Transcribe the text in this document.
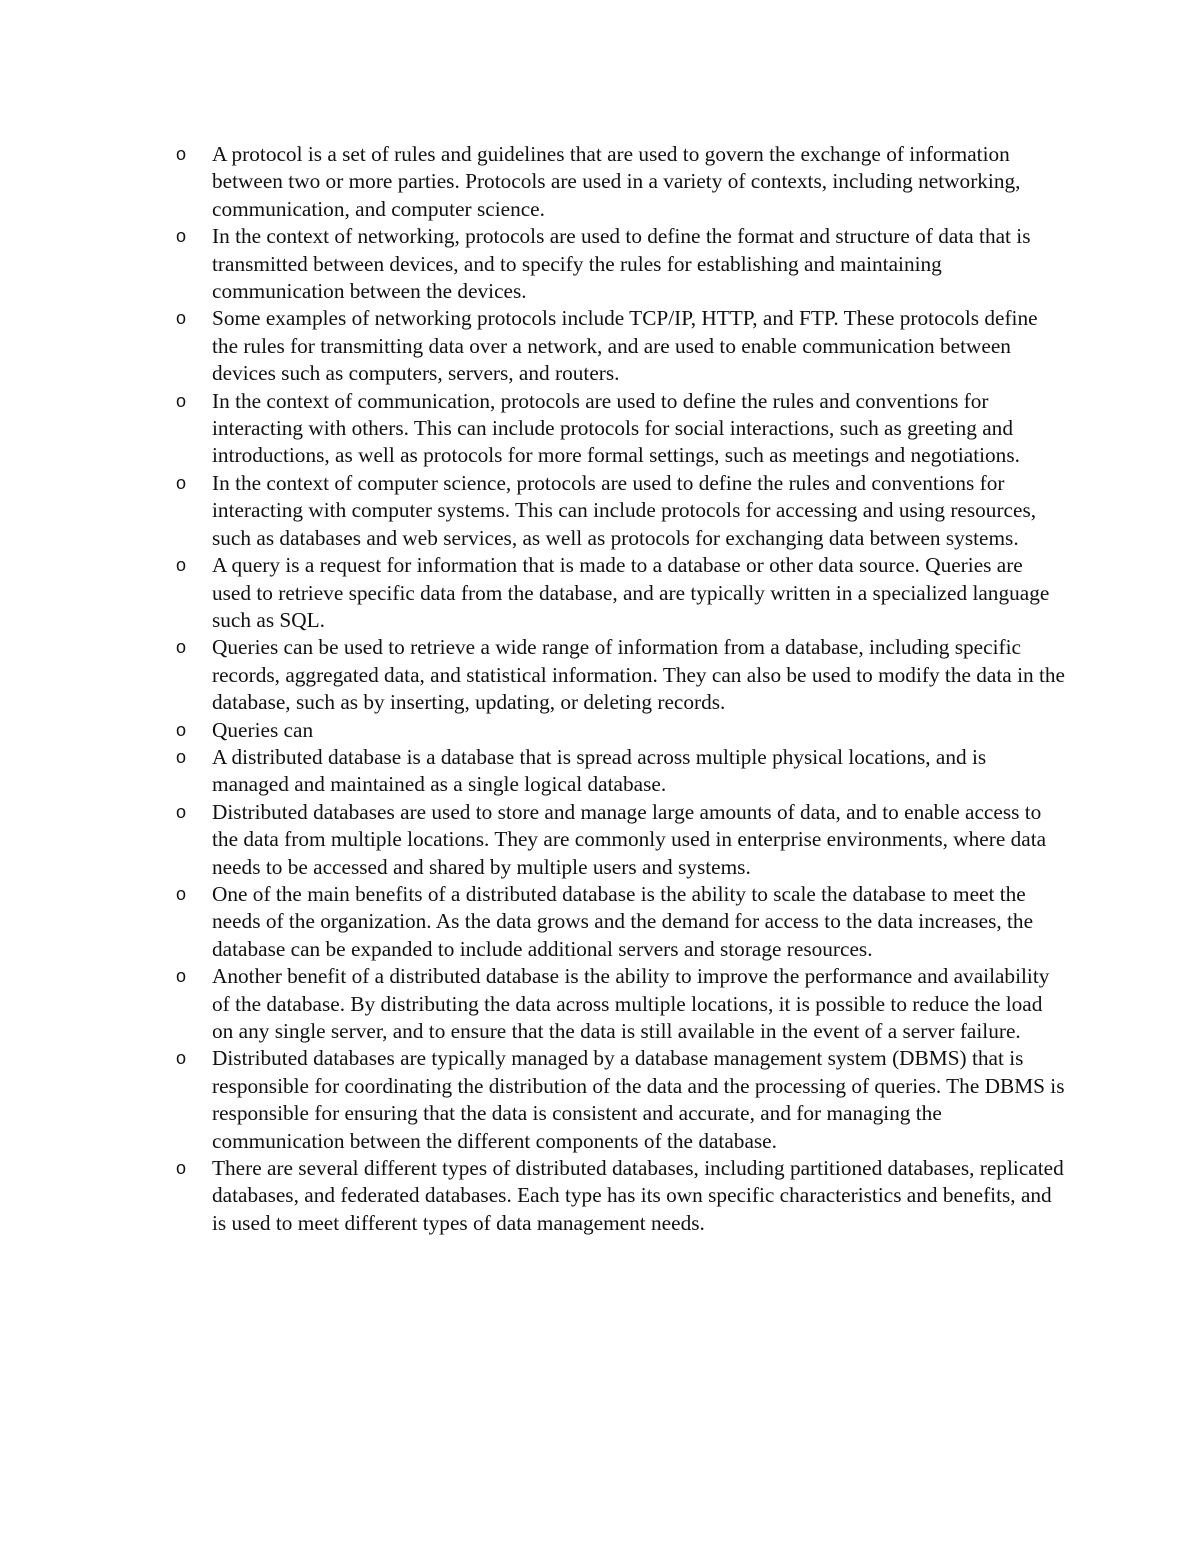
o	A protocol is a set of rules and guidelines that are used to govern the exchange of information between two or more parties. Protocols are used in a variety of contexts, including networking, communication, and computer science.
o	In the context of networking, protocols are used to define the format and structure of data that is transmitted between devices, and to specify the rules for establishing and maintaining communication between the devices.
o	Some examples of networking protocols include TCP/IP, HTTP, and FTP. These protocols define the rules for transmitting data over a network, and are used to enable communication between devices such as computers, servers, and routers.
o	In the context of communication, protocols are used to define the rules and conventions for interacting with others. This can include protocols for social interactions, such as greeting and introductions, as well as protocols for more formal settings, such as meetings and negotiations.
o	In the context of computer science, protocols are used to define the rules and conventions for interacting with computer systems. This can include protocols for accessing and using resources, such as databases and web services, as well as protocols for exchanging data between systems.
o	A query is a request for information that is made to a database or other data source. Queries are used to retrieve specific data from the database, and are typically written in a specialized language such as SQL.
o	Queries can be used to retrieve a wide range of information from a database, including specific records, aggregated data, and statistical information. They can also be used to modify the data in the database, such as by inserting, updating, or deleting records.
o	Queries can
o	A distributed database is a database that is spread across multiple physical locations, and is managed and maintained as a single logical database.
o	Distributed databases are used to store and manage large amounts of data, and to enable access to the data from multiple locations. They are commonly used in enterprise environments, where data needs to be accessed and shared by multiple users and systems.
o	One of the main benefits of a distributed database is the ability to scale the database to meet the needs of the organization. As the data grows and the demand for access to the data increases, the database can be expanded to include additional servers and storage resources.
o	Another benefit of a distributed database is the ability to improve the performance and availability of the database. By distributing the data across multiple locations, it is possible to reduce the load on any single server, and to ensure that the data is still available in the event of a server failure.
o	Distributed databases are typically managed by a database management system (DBMS) that is responsible for coordinating the distribution of the data and the processing of queries. The DBMS is responsible for ensuring that the data is consistent and accurate, and for managing the communication between the different components of the database.
o	There are several different types of distributed databases, including partitioned databases, replicated databases, and federated databases. Each type has its own specific characteristics and benefits, and is used to meet different types of data management needs.
